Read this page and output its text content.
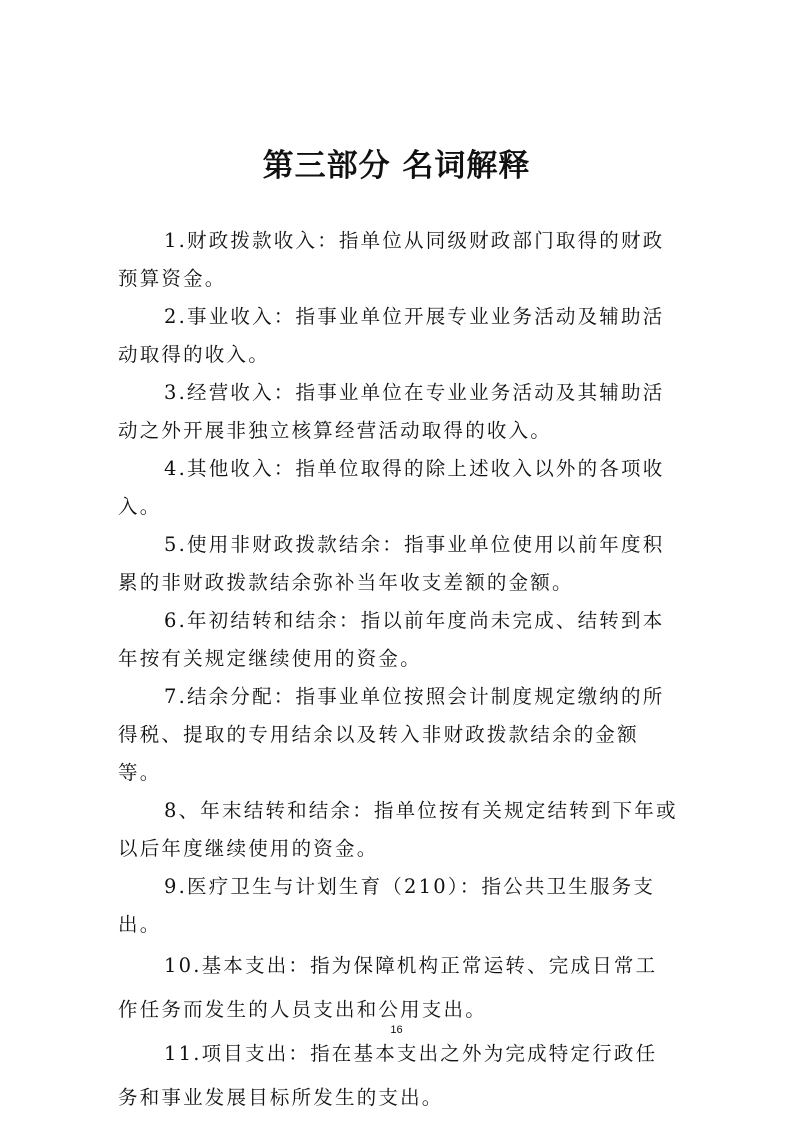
第三部分 名词解释

1.财政拨款收入：指单位从同级财政部门取得的财政预算资金。

2.事业收入：指事业单位开展专业业务活动及辅助活动取得的收入。

3.经营收入：指事业单位在专业业务活动及其辅助活动之外开展非独立核算经营活动取得的收入。

4.其他收入：指单位取得的除上述收入以外的各项收入。

5.使用非财政拨款结余：指事业单位使用以前年度积累的非财政拨款结余弥补当年收支差额的金额。

6.年初结转和结余：指以前年度尚未完成、结转到本年按有关规定继续使用的资金。

7.结余分配：指事业单位按照会计制度规定缴纳的所得税、提取的专用结余以及转入非财政拨款结余的金额等。

8、年末结转和结余：指单位按有关规定结转到下年或以后年度继续使用的资金。

9.医疗卫生与计划生育（210）：指公共卫生服务支出。

10.基本支出：指为保障机构正常运转、完成日常工作任务而发生的人员支出和公用支出。

11.项目支出：指在基本支出之外为完成特定行政任务和事业发展目标所发生的支出。

16
